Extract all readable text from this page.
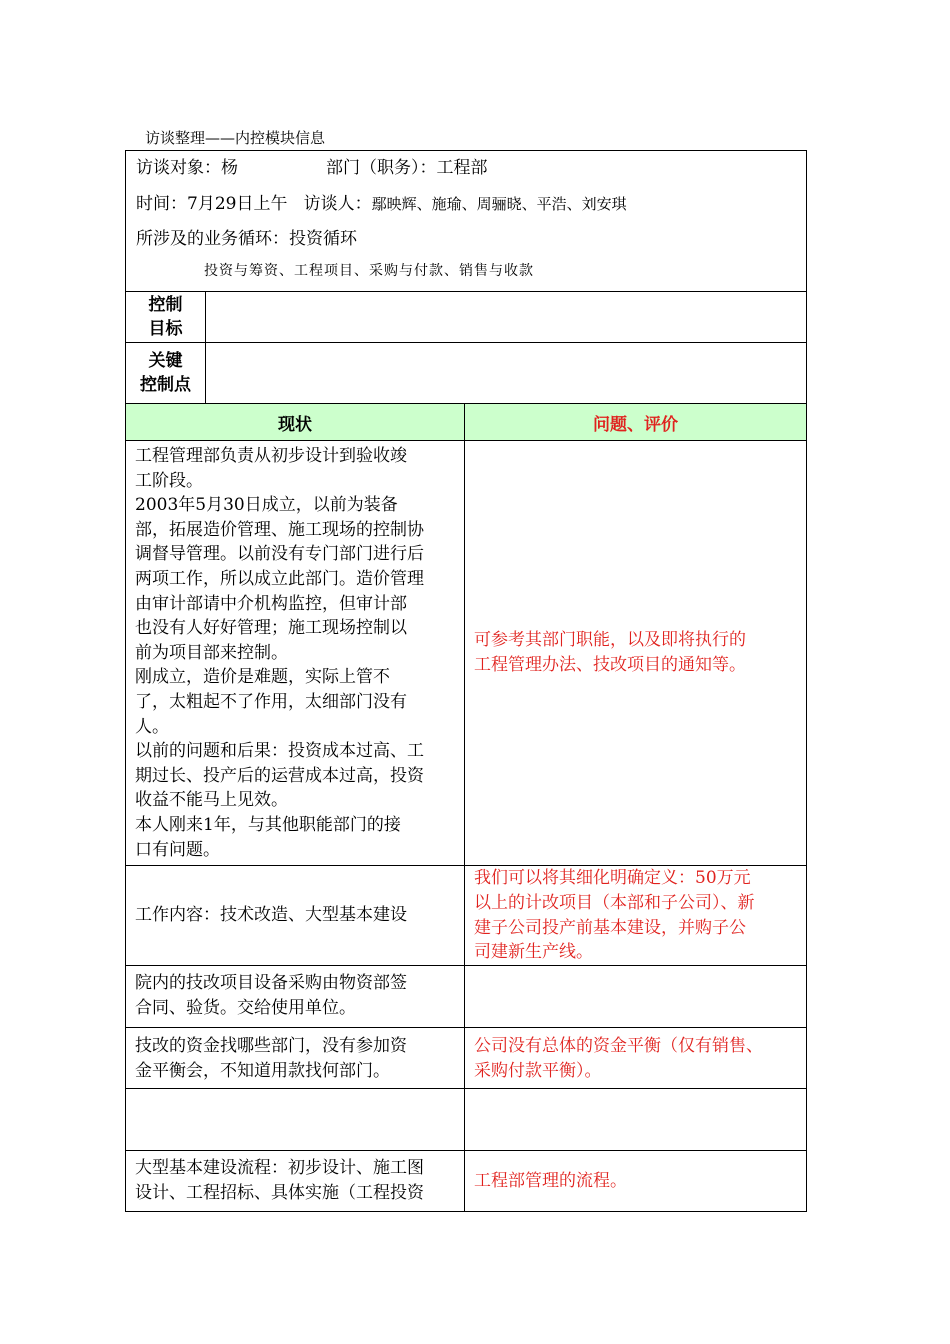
访谈整理——内控模块信息
访谈对象：杨	部门（职务）：工程部
时间：7月29日上午 访谈人：鄢映辉、施瑜、周骊晓、平浩、刘安琪
所涉及的业务循环：投资循环
投资与筹资、工程项目、采购与付款、销售与收款
控制
目标
关键
控制点
现状	问题、评价
工程管理部负责从初步设计到验收竣
工阶段。
2003年5月30日成立，以前为装备
部，拓展造价管理、施工现场的控制协
调督导管理。以前没有专门部门进行后
两项工作，所以成立此部门。造价管理
由审计部请中介机构监控，但审计部
也没有人好好管理；施工现场控制以
前为项目部来控制。
刚成立，造价是难题，实际上管不
了，太粗起不了作用，太细部门没有
人。
以前的问题和后果：投资成本过高、工
期过长、投产后的运营成本过高，投资
收益不能马上见效。
本人刚来1年，与其他职能部门的接
口有问题。
可参考其部门职能，以及即将执行的
工程管理办法、技改项目的通知等。
工作内容：技术改造、大型基本建设
我们可以将其细化明确定义：50万元
以上的计改项目（本部和子公司）、新
建子公司投产前基本建设，并购子公
司建新生产线。
院内的技改项目设备采购由物资部签
合同、验货。交给使用单位。
技改的资金找哪些部门，没有参加资
金平衡会，不知道用款找何部门。
公司没有总体的资金平衡（仅有销售、
采购付款平衡）。
大型基本建设流程：初步设计、施工图
设计、工程招标、具体实施（工程投资
工程部管理的流程。
